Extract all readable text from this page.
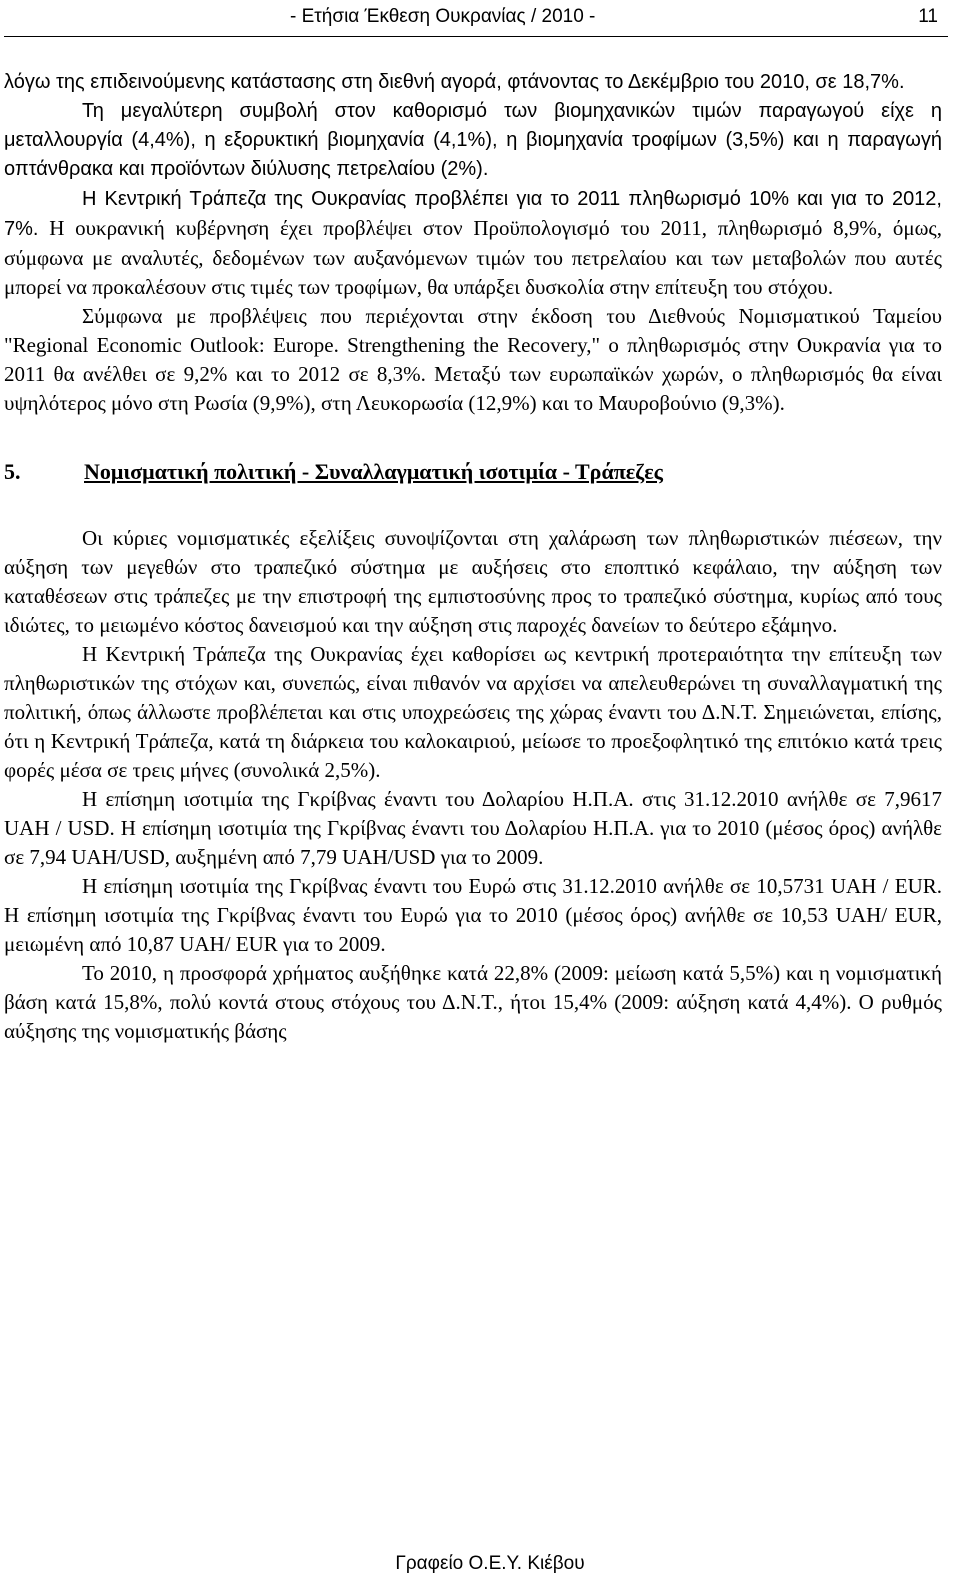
- Ετήσια Έκθεση Ουκρανίας / 2010 -	11

λόγω της επιδεινούμενης κατάστασης στη διεθνή αγορά, φτάνοντας το Δεκέμβριο του 2010, σε 18,7%.

Τη μεγαλύτερη συμβολή στον καθορισμό των βιομηχανικών τιμών παραγωγού είχε η μεταλλουργία (4,4%), η εξορυκτική βιομηχανία (4,1%), η βιομηχανία τροφίμων (3,5%) και η παραγωγή οπτάνθρακα και προϊόντων διύλυσης πετρελαίου (2%).

Η Κεντρική Τράπεζα της Ουκρανίας προβλέπει για το 2011 πληθωρισμό 10% και για το 2012, 7%. Η ουκρανική κυβέρνηση έχει προβλέψει στον Προϋπολογισμό του 2011, πληθωρισμό 8,9%, όμως, σύμφωνα με αναλυτές, δεδομένων των αυξανόμενων τιμών του πετρελαίου και των μεταβολών που αυτές μπορεί να προκαλέσουν στις τιμές των τροφίμων, θα υπάρξει δυσκολία στην επίτευξη του στόχου.

Σύμφωνα με προβλέψεις που περιέχονται στην έκδοση του Διεθνούς Νομισματικού Ταμείου "Regional Economic Outlook: Europe. Strengthening the Recovery," ο πληθωρισμός στην Ουκρανία για το 2011 θα ανέλθει σε 9,2% και το 2012 σε 8,3%. Μεταξύ των ευρωπαϊκών χωρών, ο πληθωρισμός θα είναι υψηλότερος μόνο στη Ρωσία (9,9%), στη Λευκορωσία (12,9%) και το Μαυροβούνιο (9,3%).

5.	Νομισματική πολιτική - Συναλλαγματική ισοτιμία - Τράπεζες

Οι κύριες νομισματικές εξελίξεις συνοψίζονται στη χαλάρωση των πληθωριστικών πιέσεων, την αύξηση των μεγεθών στο τραπεζικό σύστημα με αυξήσεις στο εποπτικό κεφάλαιο, την αύξηση των καταθέσεων στις τράπεζες με την επιστροφή της εμπιστοσύνης προς το τραπεζικό σύστημα, κυρίως από τους ιδιώτες, το μειωμένο κόστος δανεισμού και την αύξηση στις παροχές δανείων το δεύτερο εξάμηνο.

Η Κεντρική Τράπεζα της Ουκρανίας έχει καθορίσει ως κεντρική προτεραιότητα την επίτευξη των πληθωριστικών της στόχων και, συνεπώς, είναι πιθανόν να αρχίσει να απελευθερώνει τη συναλλαγματική της πολιτική, όπως άλλωστε προβλέπεται και στις υποχρεώσεις της χώρας έναντι του Δ.Ν.Τ. Σημειώνεται, επίσης, ότι η Κεντρική Τράπεζα, κατά τη διάρκεια του καλοκαιριού, μείωσε το προεξοφλητικό της επιτόκιο κατά τρεις φορές μέσα σε τρεις μήνες (συνολικά 2,5%).

Η επίσημη ισοτιμία της Γκρίβνας έναντι του Δολαρίου Η.Π.Α. στις 31.12.2010 ανήλθε σε 7,9617 UAH / USD. Η επίσημη ισοτιμία της Γκρίβνας έναντι του Δολαρίου Η.Π.Α. για το 2010 (μέσος όρος) ανήλθε σε 7,94 UAH/USD, αυξημένη από 7,79 UAH/USD για το 2009.

Η επίσημη ισοτιμία της Γκρίβνας έναντι του Ευρώ στις 31.12.2010 ανήλθε σε 10,5731 UAH / EUR. Η επίσημη ισοτιμία της Γκρίβνας έναντι του Ευρώ για το 2010 (μέσος όρος) ανήλθε σε 10,53 UAH/ EUR, μειωμένη από 10,87 UAH/ EUR για το 2009.

Το 2010, η προσφορά χρήματος αυξήθηκε κατά 22,8% (2009: μείωση κατά 5,5%) και η νομισματική βάση κατά 15,8%, πολύ κοντά στους στόχους του Δ.Ν.Τ., ήτοι 15,4% (2009: αύξηση κατά 4,4%). Ο ρυθμός αύξησης της νομισματικής βάσης

Γραφείο Ο.Ε.Υ. Κιέβου
